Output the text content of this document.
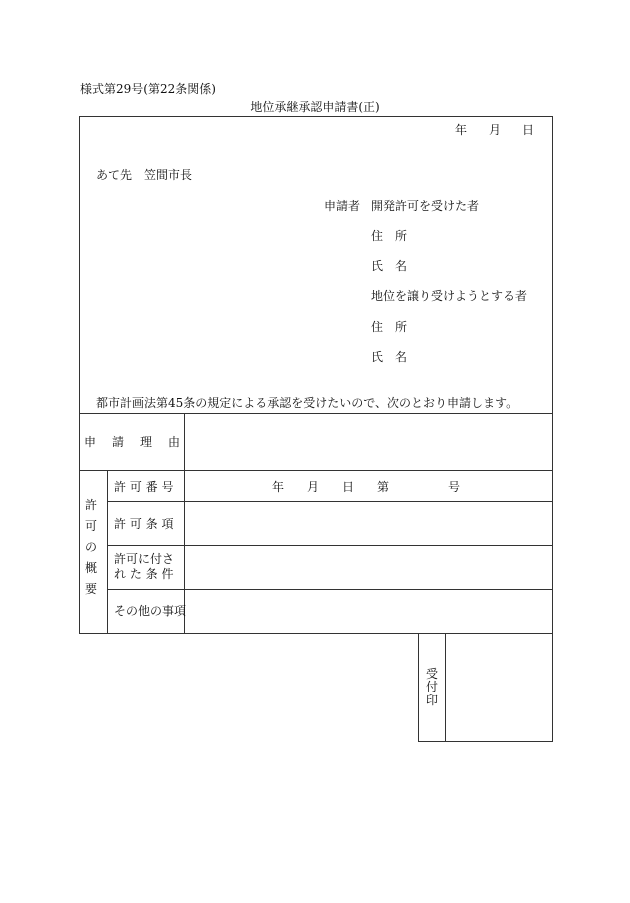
様式第29号(第22条関係)
地位承継承認申請書(正)
年 月 日
あて先　笠間市長
申請者 開発許可を受けた者
住　所
氏　名
地位を譲り受けようとする者
住　所
氏　名
都市計画法第45条の規定による承認を受けたいので、次のとおり申請します。
申 請 理 由
許
可
の
概
要
許 可 番 号	年 月 日 第	号
許 可 条 項
許可に付さ
れ た 条 件
その他の事項
受
付
印
